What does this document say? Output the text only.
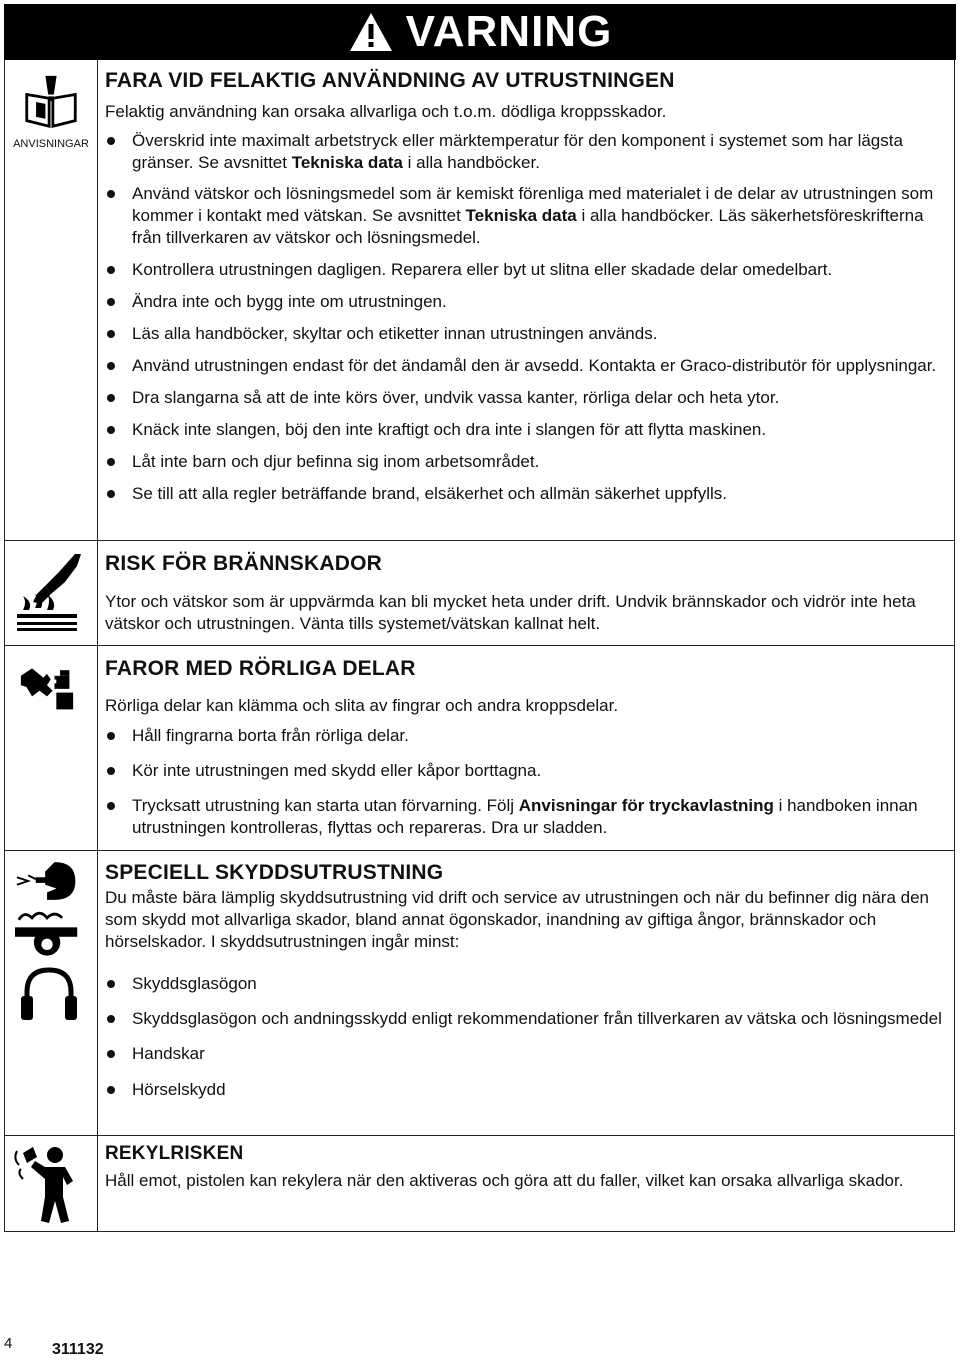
VARNING
ANVISNINGAR
FARA VID FELAKTIG ANVÄNDNING AV UTRUSTNINGEN

Felaktig användning kan orsaka allvarliga och t.o.m. dödliga kroppsskador.

Överskrid inte maximalt arbetstryck eller märktemperatur för den komponent i systemet som har lägsta gränser. Se avsnittet Tekniska data i alla handböcker.
Använd vätskor och lösningsmedel som är kemiskt förenliga med materialet i de delar av utrustningen som kommer i kontakt med vätskan. Se avsnittet Tekniska data i alla handböcker. Läs säkerhetsföreskrifterna från tillverkaren av vätskor och lösningsmedel.
Kontrollera utrustningen dagligen. Reparera eller byt ut slitna eller skadade delar omedelbart.
Ändra inte och bygg inte om utrustningen.
Läs alla handböcker, skyltar och etiketter innan utrustningen används.
Använd utrustningen endast för det ändamål den är avsedd. Kontakta er Graco-distributör för upplysningar.
Dra slangarna så att de inte körs över, undvik vassa kanter, rörliga delar och heta ytor.
Knäck inte slangen, böj den inte kraftigt och dra inte i slangen för att flytta maskinen.
Låt inte barn och djur befinna sig inom arbetsområdet.
Se till att alla regler beträffande brand, elsäkerhet och allmän säkerhet uppfylls.
RISK FÖR BRÄNNSKADOR

Ytor och vätskor som är uppvärmda kan bli mycket heta under drift. Undvik brännskador och vidrör inte heta vätskor och utrustningen. Vänta tills systemet/vätskan kallnat helt.

FAROR MED RÖRLIGA DELAR

Rörliga delar kan klämma och slita av fingrar och andra kroppsdelar.

Håll fingrarna borta från rörliga delar.
Kör inte utrustningen med skydd eller kåpor borttagna.
Trycksatt utrustning kan starta utan förvarning. Följ Anvisningar för tryckavlastning i handboken innan utrustningen kontrolleras, flyttas och repareras. Dra ur sladden.
SPECIELL SKYDDSUTRUSTNING

Du måste bära lämplig skyddsutrustning vid drift och service av utrustningen och när du befinner dig nära den som skydd mot allvarliga skador, bland annat ögonskador, inandning av giftiga ångor, brännskador och hörselskador. I skyddsutrustningen ingår minst:

Skyddsglasögon
Skyddsglasögon och andningsskydd enligt rekommendationer från tillverkaren av vätska och lösningsmedel
Handskar
Hörselskydd
REKYLRISKEN

Håll emot, pistolen kan rekylera när den aktiveras och göra att du faller, vilket kan orsaka allvarliga skador.

4 311132
